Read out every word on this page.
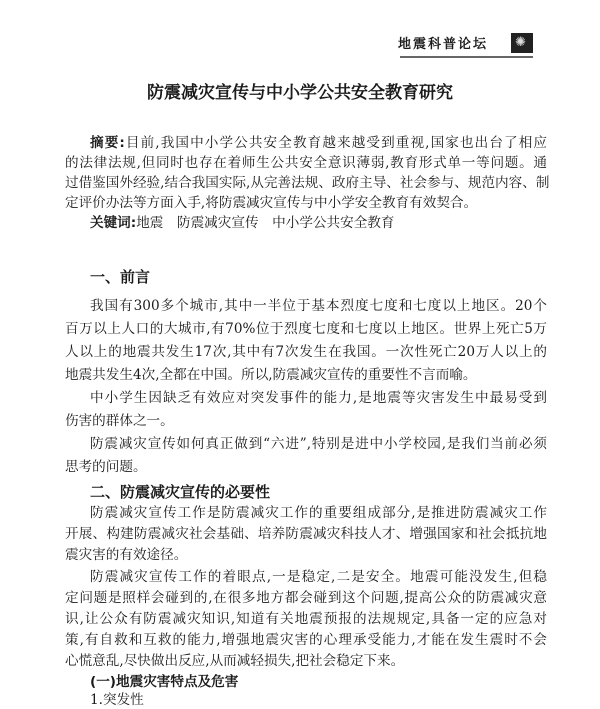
地震科普论坛 ✺
防震减灾宣传与中小学公共安全教育研究
摘要:目前,我国中小学公共安全教育越来越受到重视,国家也出台了相应
的法律法规,但同时也存在着师生公共安全意识薄弱,教育形式单一等问题。通
过借鉴国外经验,结合我国实际,从完善法规、政府主导、社会参与、规范内容、制
定评价办法等方面入手,将防震减灾宣传与中小学安全教育有效契合。
关键词:地震　防震减灾宣传　中小学公共安全教育
一、前言
我国有300多个城市,其中一半位于基本烈度七度和七度以上地区。20个
百万以上人口的大城市,有70%位于烈度七度和七度以上地区。世界上死亡5万
人以上的地震共发生17次,其中有7次发生在我国。一次性死亡20万人以上的
地震共发生4次,全都在中国。所以,防震减灾宣传的重要性不言而喻。
中小学生因缺乏有效应对突发事件的能力,是地震等灾害发生中最易受到
伤害的群体之一。
防震减灾宣传如何真正做到“六进”,特别是进中小学校园,是我们当前必须
思考的问题。
二、防震减灾宣传的必要性
防震减灾宣传工作是防震减灾工作的重要组成部分,是推进防震减灾工作
开展、构建防震减灾社会基础、培养防震减灾科技人才、增强国家和社会抵抗地
震灾害的有效途径。
防震减灾宣传工作的着眼点,一是稳定,二是安全。地震可能没发生,但稳
定问题是照样会碰到的,在很多地方都会碰到这个问题,提高公众的防震减灾意
识,让公众有防震减灾知识,知道有关地震预报的法规规定,具备一定的应急对
策,有自救和互救的能力,增强地震灾害的心理承受能力,才能在发生震时不会
心慌意乱,尽快做出反应,从而减轻损失,把社会稳定下来。
(一)地震灾害特点及危害
1.突发性
